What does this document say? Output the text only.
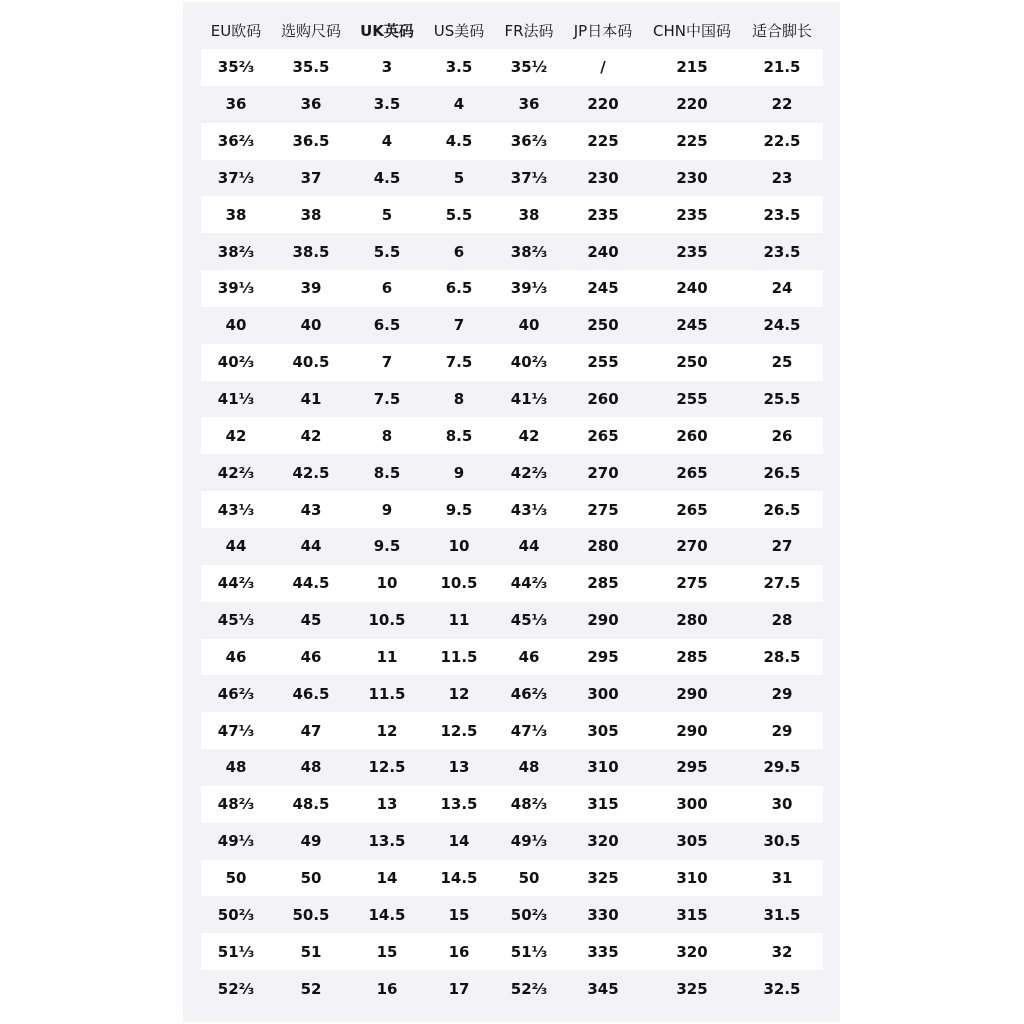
EU欧码	选购尺码	UK英码	US美码	FR法码	JP日本码	CHN中国码	适合脚长
35⅔	35.5	3	3.5	35½	/	215	21.5
36	36	3.5	4	36	220	220	22
36⅔	36.5	4	4.5	36⅔	225	225	22.5
37⅓	37	4.5	5	37⅓	230	230	23
38	38	5	5.5	38	235	235	23.5
38⅔	38.5	5.5	6	38⅔	240	235	23.5
39⅓	39	6	6.5	39⅓	245	240	24
40	40	6.5	7	40	250	245	24.5
40⅔	40.5	7	7.5	40⅔	255	250	25
41⅓	41	7.5	8	41⅓	260	255	25.5
42	42	8	8.5	42	265	260	26
42⅔	42.5	8.5	9	42⅔	270	265	26.5
43⅓	43	9	9.5	43⅓	275	265	26.5
44	44	9.5	10	44	280	270	27
44⅔	44.5	10	10.5	44⅔	285	275	27.5
45⅓	45	10.5	11	45⅓	290	280	28
46	46	11	11.5	46	295	285	28.5
46⅔	46.5	11.5	12	46⅔	300	290	29
47⅓	47	12	12.5	47⅓	305	290	29
48	48	12.5	13	48	310	295	29.5
48⅔	48.5	13	13.5	48⅔	315	300	30
49⅓	49	13.5	14	49⅓	320	305	30.5
50	50	14	14.5	50	325	310	31
50⅔	50.5	14.5	15	50⅔	330	315	31.5
51⅓	51	15	16	51⅓	335	320	32
52⅔	52	16	17	52⅔	345	325	32.5
